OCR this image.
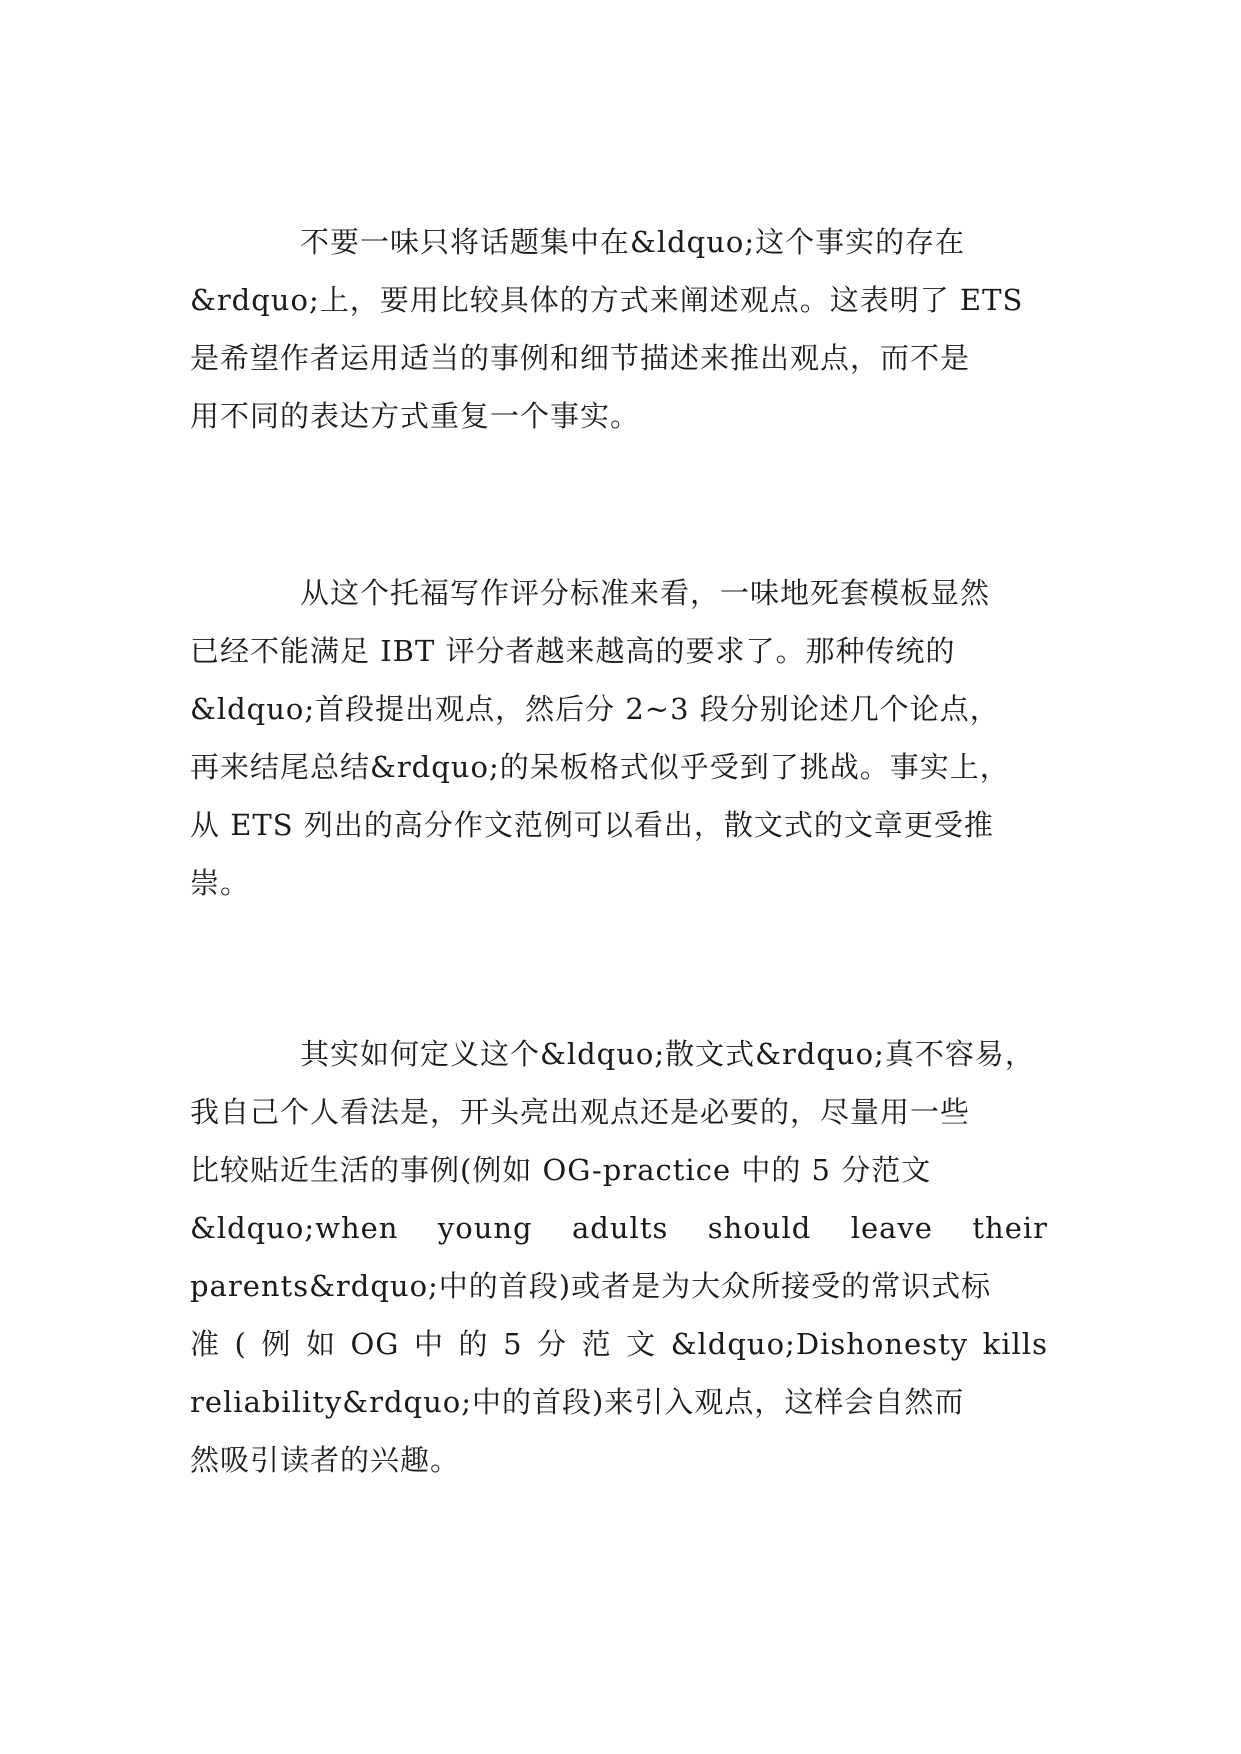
不要一味只将话题集中在&ldquo;这个事实的存在
&rdquo;上，要用比较具体的方式来阐述观点。这表明了 ETS
是希望作者运用适当的事例和细节描述来推出观点，而不是
用不同的表达方式重复一个事实。
从这个托福写作评分标准来看，一味地死套模板显然
已经不能满足 IBT 评分者越来越高的要求了。那种传统的
&ldquo;首段提出观点，然后分 2~3 段分别论述几个论点，
再来结尾总结&rdquo;的呆板格式似乎受到了挑战。事实上，
从 ETS 列出的高分作文范例可以看出，散文式的文章更受推
崇。
其实如何定义这个&ldquo;散文式&rdquo;真不容易，
我自己个人看法是，开头亮出观点还是必要的，尽量用一些
比较贴近生活的事例(例如 OG-practice 中的 5 分范文
&ldquo;when young adults should leave their
parents&rdquo;中的首段)或者是为大众所接受的常识式标
准 ( 例 如 OG 中 的 5 分 范 文 &ldquo;Dishonesty kills
reliability&rdquo;中的首段)来引入观点，这样会自然而
然吸引读者的兴趣。
